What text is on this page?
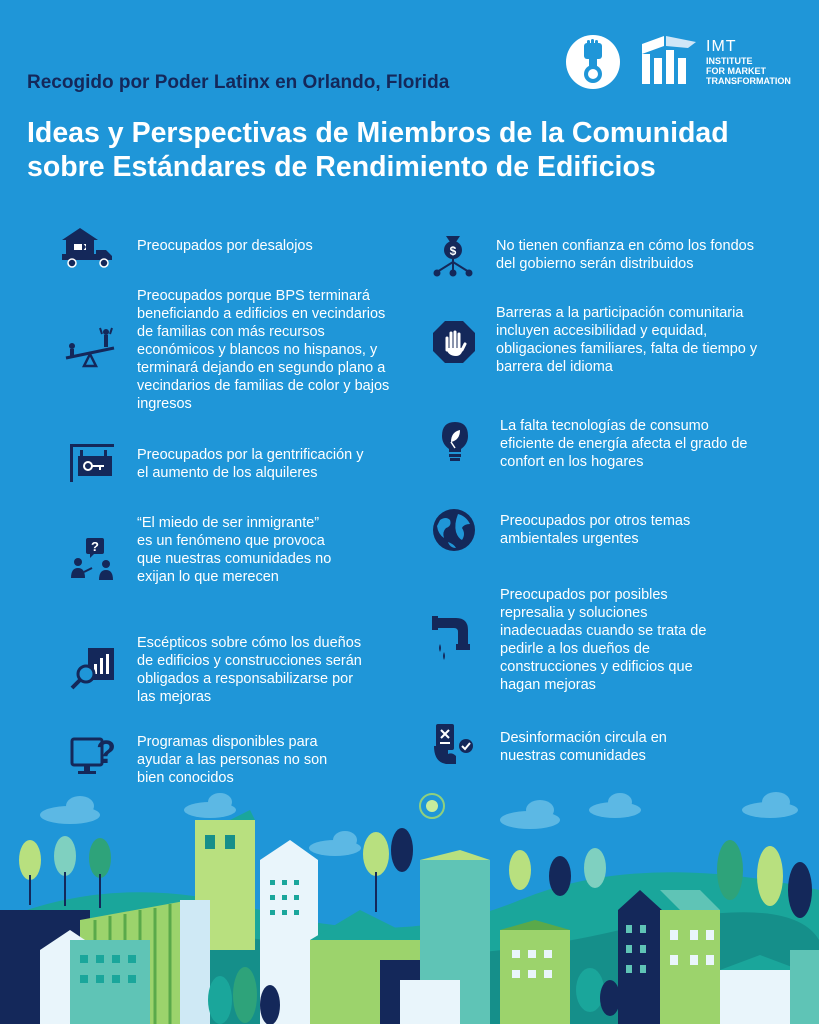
Recogido por Poder Latinx en Orlando, Florida
Ideas y Perspectivas de Miembros de la Comunidad sobre Estándares de Rendimiento de Edificios
IMT
INSTITUTE
FOR MARKET
TRANSFORMATION
Preocupados por desalojos
Preocupados porque BPS terminará beneficiando a edificios en vecindarios de familias con más recursos económicos y blancos no hispanos, y terminará dejando en segundo plano a vecindarios de familias de color y bajos ingresos
Preocupados por la gentrificación y el aumento de los alquileres
?
“El miedo de ser inmigrante” es un fenómeno que provoca que nuestras comunidades no exijan lo que merecen
Escépticos sobre cómo los dueños de edificios y construcciones serán obligados a responsabilizarse por las mejoras
? Programas disponibles para ayudar a las personas no son bien conocidos
$	No tienen confianza en cómo los fondos del gobierno serán distribuidos
Barreras a la participación comunitaria incluyen accesibilidad y equidad, obligaciones familiares, falta de tiempo y barrera del idioma
La falta tecnologías de consumo eficiente de energía afecta el grado de confort en los hogares
Preocupados por otros temas ambientales urgentes
Preocupados por posibles represalia y soluciones inadecuadas cuando se trata de pedirle a los dueños de construcciones y edificios que hagan mejoras
Desinformación circula en nuestras comunidades
